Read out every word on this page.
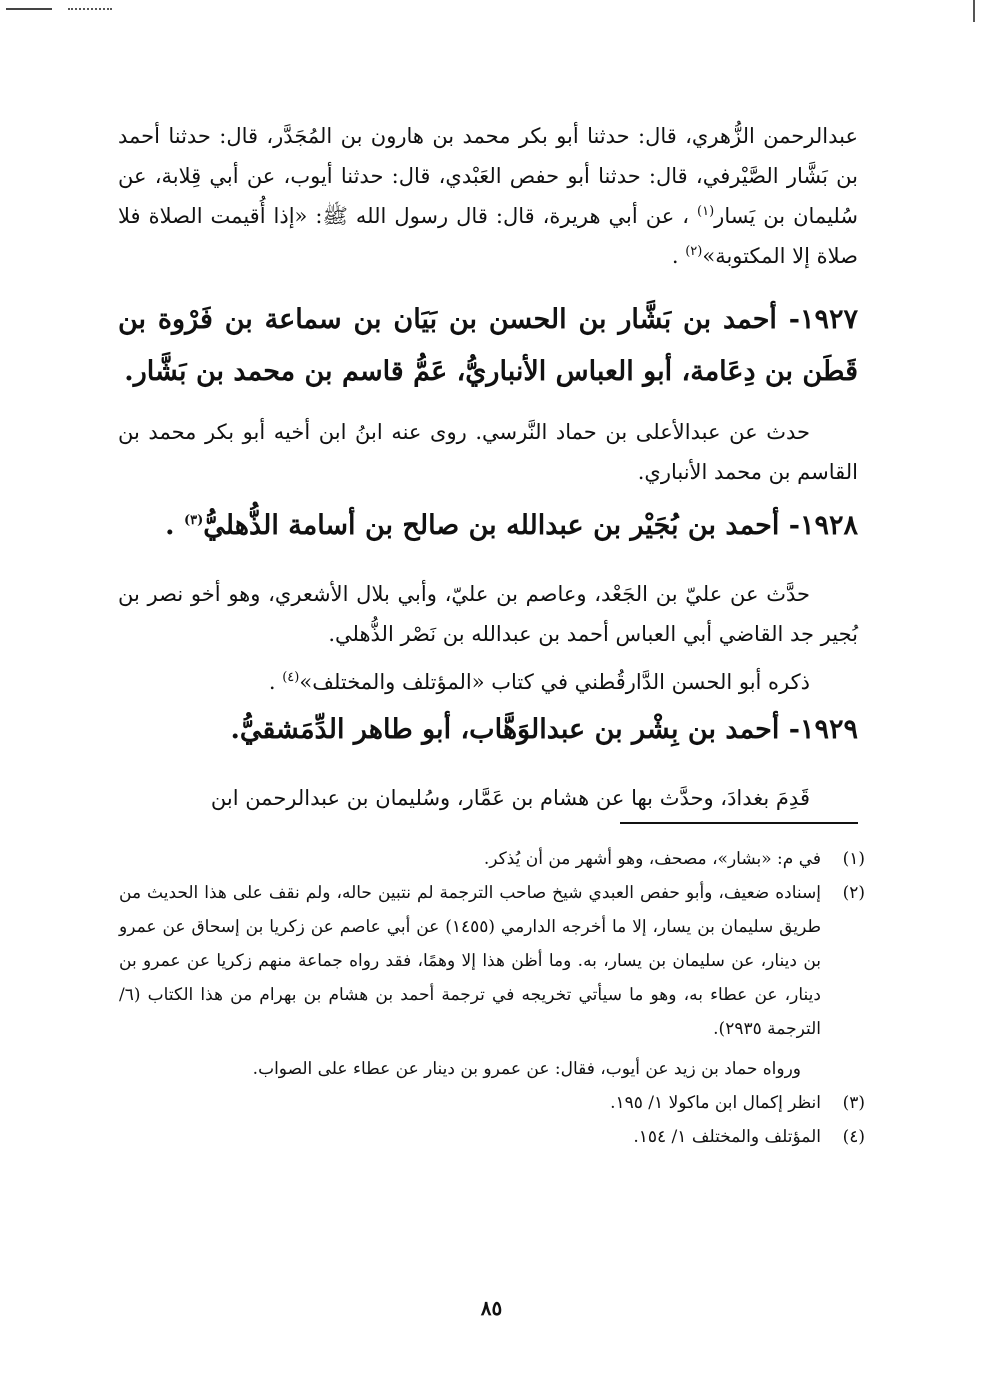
عبدالرحمن الزُّهري، قال: حدثنا أبو بكر محمد بن هارون بن المُجَدَّر، قال: حدثنا أحمد بن بَشَّار الصَّيْرفي، قال: حدثنا أبو حفص العَبْدي، قال: حدثنا أيوب، عن أبي قِلابة، عن سُليمان بن يَسار$^{(١)}$ ، عن أبي هريرة، قال: قال رسول الله ﷺ: «إذا أُقيمت الصلاة فلا صلاة إلا المكتوبة»$^{(٢)}$ .

١٩٢٧- أحمد بن بَشَّار بن الحسن بن بَيَان بن سماعة بن فَرْوة بن قَطَن بن دِعَامة، أبو العباس الأنباريُّ، عَمُّ قاسم بن محمد بن بَشَّار.

حدث عن عبدالأعلى بن حماد النَّرسي. روى عنه ابنُ ابن أخيه أبو بكر محمد بن القاسم بن محمد الأنباري.

١٩٢٨- أحمد بن بُجَيْر بن عبدالله بن صالح بن أسامة الذُّهليُّ$^{(٣)}$ .

حدَّث عن عليّ بن الجَعْد، وعاصم بن عليّ، وأبي بلال الأشعري، وهو أخو نصر بن بُجير جد القاضي أبي العباس أحمد بن عبدالله بن نَصْر الذُّهلي.

ذكره أبو الحسن الدَّارقُطني في كتاب «المؤتلف والمختلف»$^{(٤)}$ .

١٩٢٩- أحمد بن بِشْر بن عبدالوَهَّاب، أبو طاهر الدِّمَشقيُّ.

قَدِمَ بغدادَ، وحدَّث بها عن هشام بن عَمَّار، وسُليمان بن عبدالرحمن ابن

(١)
في م: «بشار»، مصحف، وهو أشهر من أن يُذكر.
(٢)
إسناده ضعيف، وأبو حفص العبدي شيخ صاحب الترجمة لم نتبين حاله، ولم نقف على هذا الحديث من طريق سليمان بن يسار، إلا ما أخرجه الدارمي (١٤٥٥) عن أبي عاصم عن زكريا بن إسحاق عن عمرو بن دينار، عن سليمان بن يسار، به. وما أظن هذا إلا وهمًا، فقد رواه جماعة منهم زكريا عن عمرو بن دينار، عن عطاء به، وهو ما سيأتي تخريجه في ترجمة أحمد بن هشام بن بهرام من هذا الكتاب (٦/ الترجمة ٢٩٣٥).

ورواه حماد بن زيد عن أيوب، فقال: عن عمرو بن دينار عن عطاء على الصواب.

(٣)
انظر إكمال ابن ماكولا ١/ ١٩٥.
(٤)
المؤتلف والمختلف ١/ ١٥٤.
٨٥
